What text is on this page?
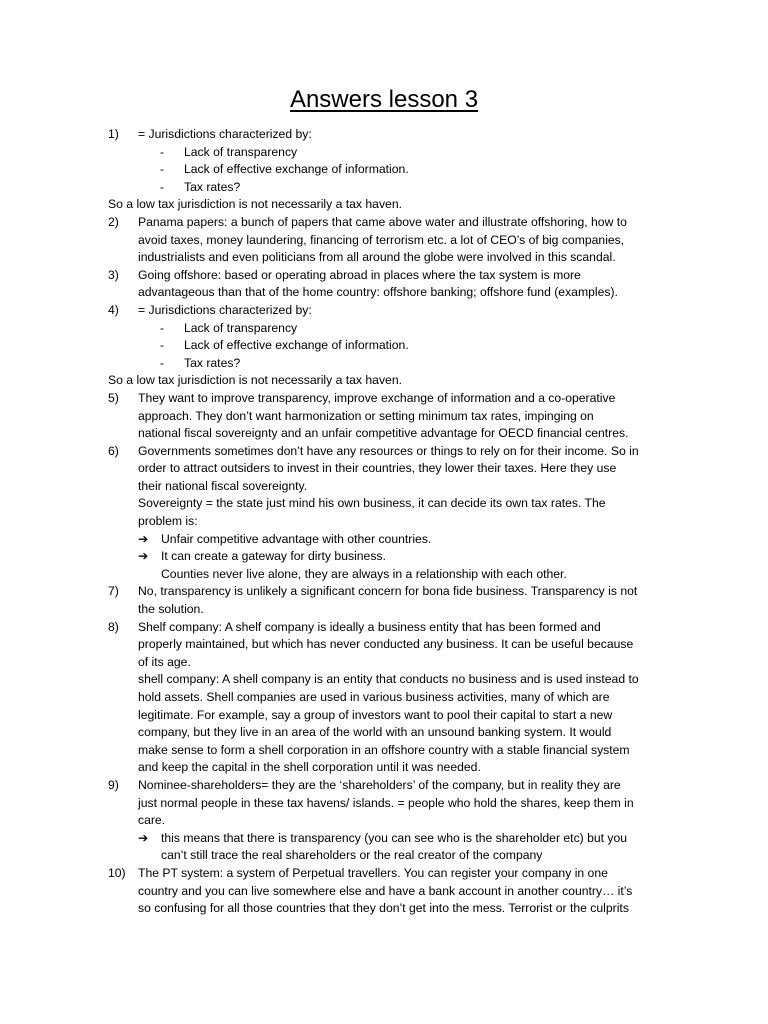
Answers lesson 3
1) = Jurisdictions characterized by:
- Lack of transparency
- Lack of effective exchange of information.
- Tax rates?
So a low tax jurisdiction is not necessarily a tax haven.
2) Panama papers: a bunch of papers that came above water and illustrate offshoring, how to
avoid taxes, money laundering, financing of terrorism etc. a lot of CEO’s of big companies,
industrialists and even politicians from all around the globe were involved in this scandal.
3) Going offshore: based or operating abroad in places where the tax system is more
advantageous than that of the home country: offshore banking; offshore fund (examples).
4) = Jurisdictions characterized by:
- Lack of transparency
- Lack of effective exchange of information.
- Tax rates?
So a low tax jurisdiction is not necessarily a tax haven.
5) They want to improve transparency, improve exchange of information and a co-operative
approach. They don’t want harmonization or setting minimum tax rates, impinging on
national fiscal sovereignty and an unfair competitive advantage for OECD financial centres.
6) Governments sometimes don’t have any resources or things to rely on for their income. So in
order to attract outsiders to invest in their countries, they lower their taxes. Here they use
their national fiscal sovereignty.
Sovereignty = the state just mind his own business, it can decide its own tax rates. The
problem is:
➔ Unfair competitive advantage with other countries.
➔ It can create a gateway for dirty business.
Counties never live alone, they are always in a relationship with each other.
7) No, transparency is unlikely a significant concern for bona fide business. Transparency is not
the solution.
8) Shelf company: A shelf company is ideally a business entity that has been formed and
properly maintained, but which has never conducted any business. It can be useful because
of its age.
shell company: A shell company is an entity that conducts no business and is used instead to
hold assets. Shell companies are used in various business activities, many of which are
legitimate. For example, say a group of investors want to pool their capital to start a new
company, but they live in an area of the world with an unsound banking system. It would
make sense to form a shell corporation in an offshore country with a stable financial system
and keep the capital in the shell corporation until it was needed.
9) Nominee-shareholders= they are the ‘shareholders’ of the company, but in reality they are
just normal people in these tax havens/ islands. = people who hold the shares, keep them in
care.
➔ this means that there is transparency (you can see who is the shareholder etc) but you
can’t still trace the real shareholders or the real creator of the company
10) The PT system: a system of Perpetual travellers. You can register your company in one
country and you can live somewhere else and have a bank account in another country… it’s
so confusing for all those countries that they don’t get into the mess. Terrorist or the culprits
